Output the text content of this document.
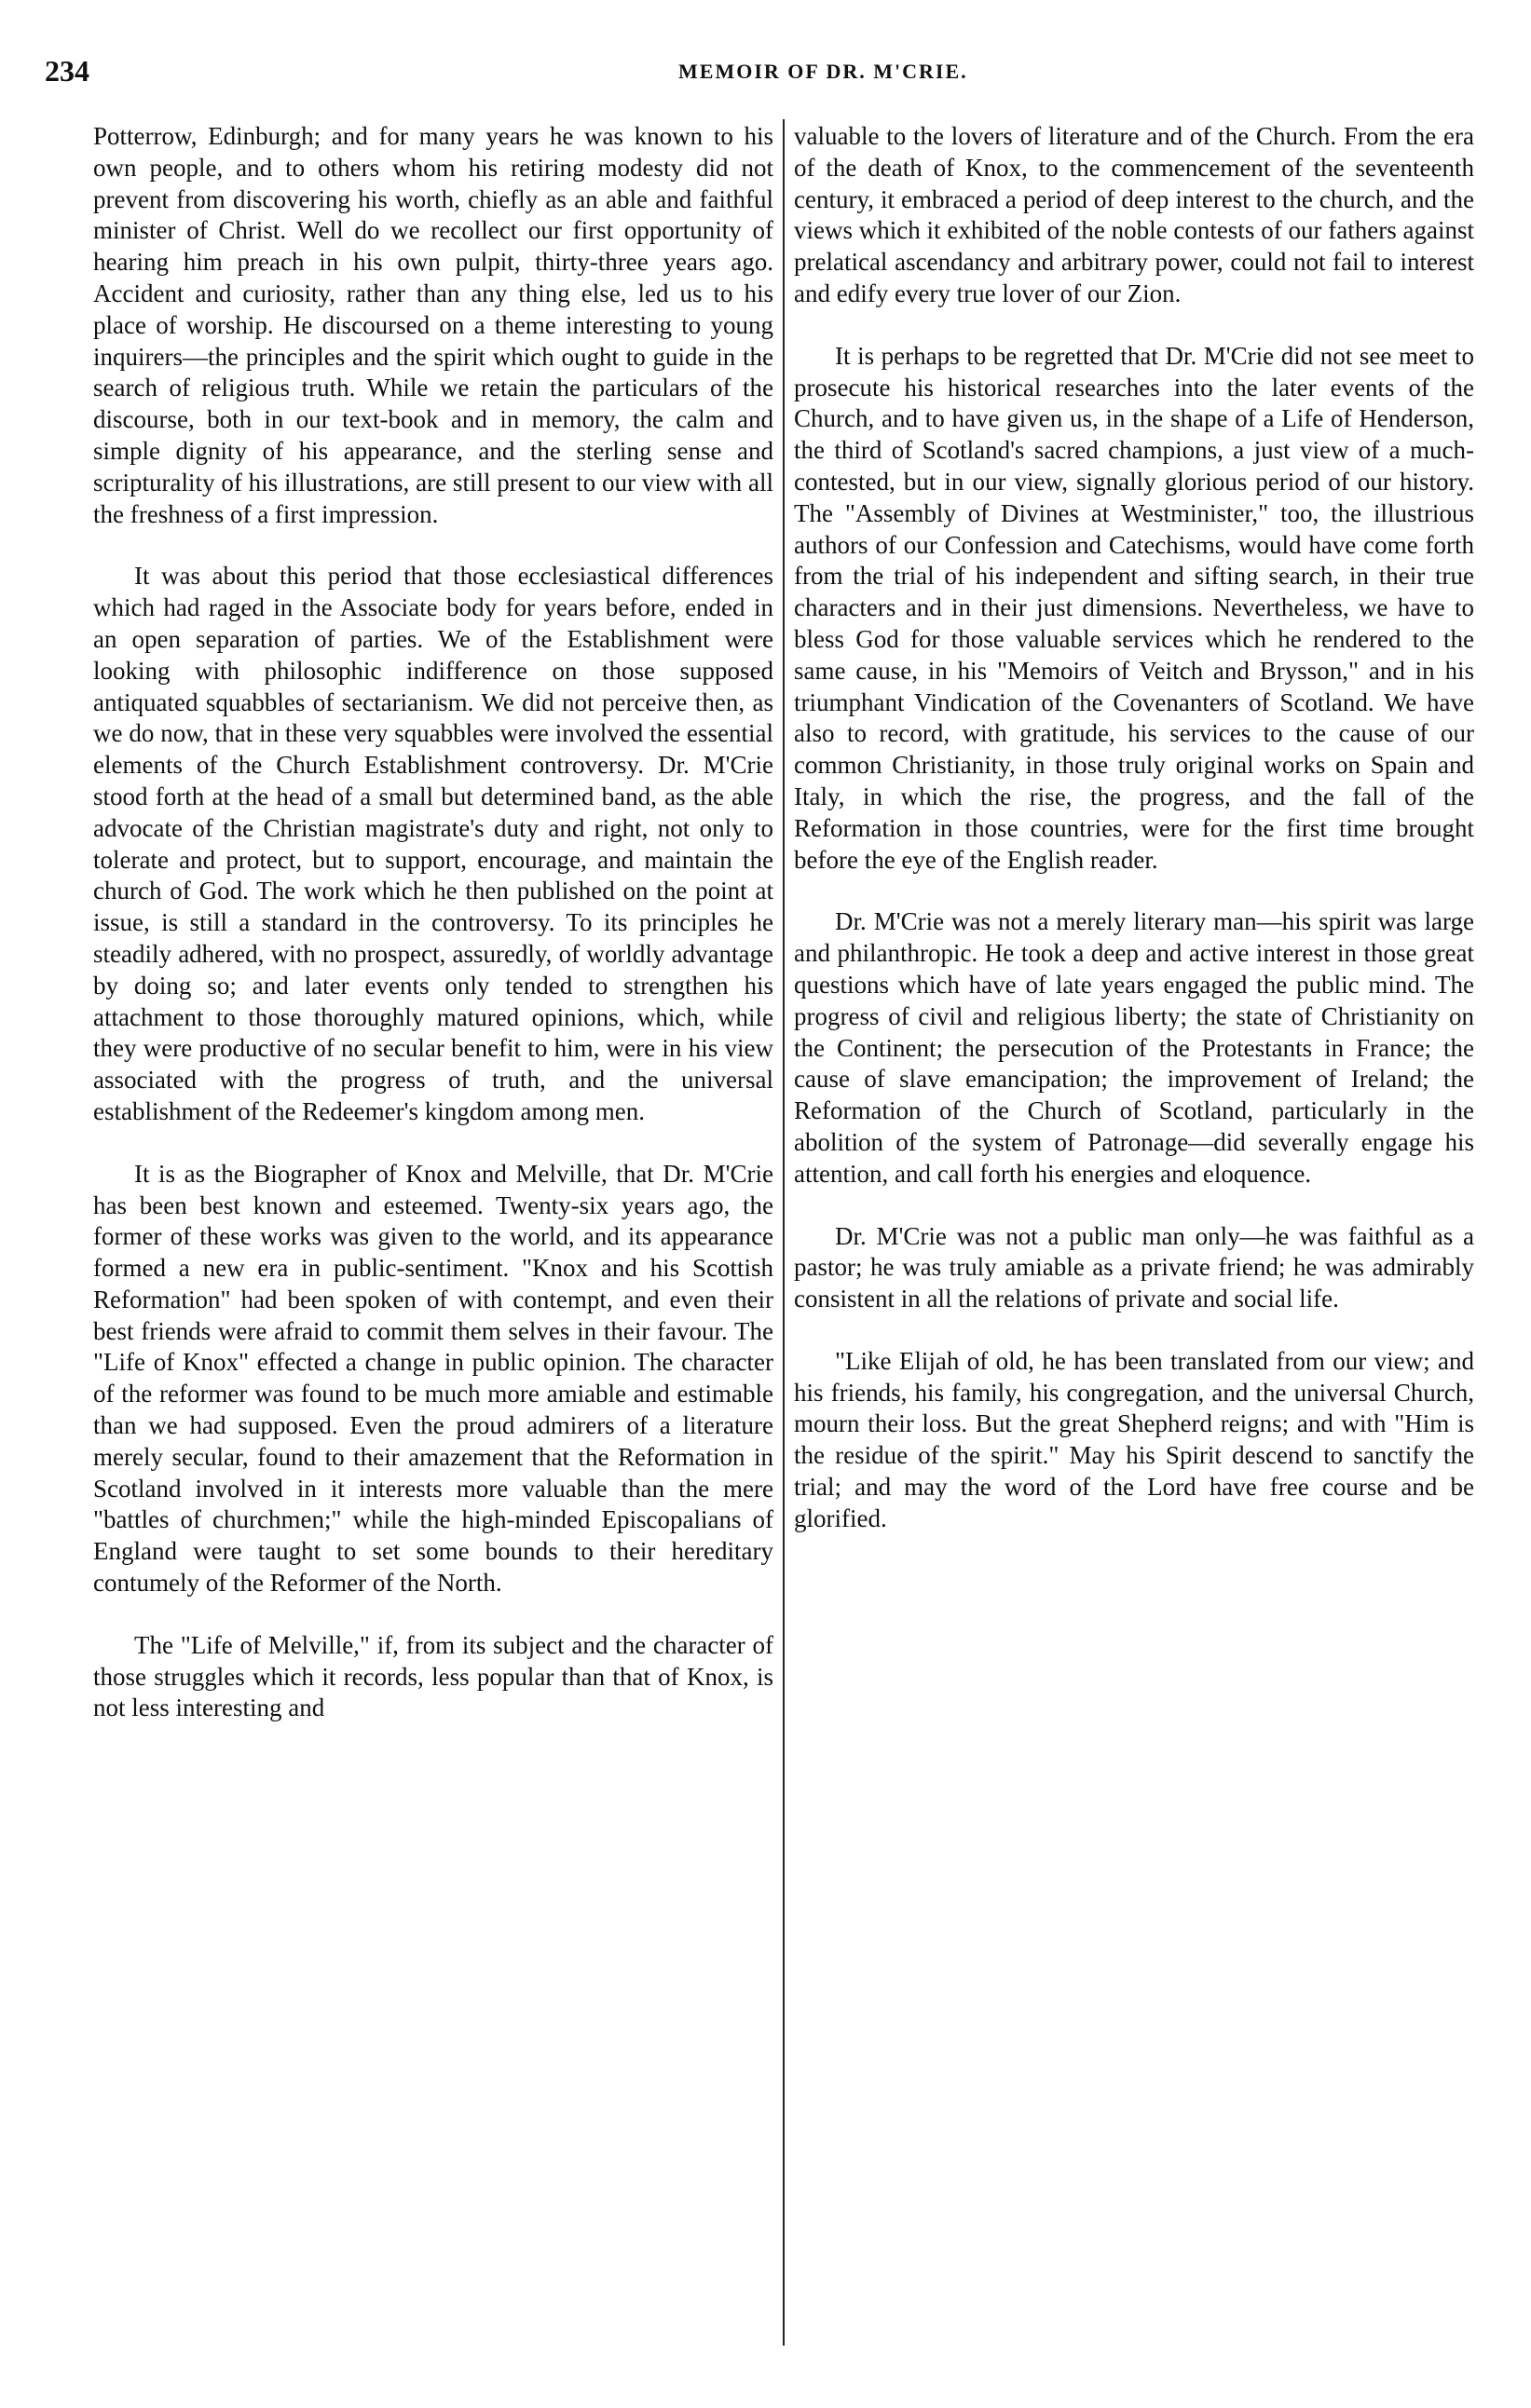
234	MEMOIR OF DR. M'CRIE.

Potterrow, Edinburgh; and for many years he was known to his own people, and to others whom his retiring modesty did not prevent from discovering his worth, chiefly as an able and faithful minister of Christ. Well do we recollect our first opportunity of hearing him preach in his own pulpit, thirty-three years ago. Accident and curiosity, rather than any thing else, led us to his place of worship. He discoursed on a theme interesting to young inquirers—the principles and the spirit which ought to guide in the search of religious truth. While we retain the particulars of the discourse, both in our text-book and in memory, the calm and simple dignity of his appearance, and the sterling sense and scripturality of his illustrations, are still present to our view with all the freshness of a first impression.

It was about this period that those ecclesiastical differences which had raged in the Associate body for years before, ended in an open separation of parties. We of the Establishment were looking with philosophic indifference on those supposed antiquated squabbles of sectarianism. We did not perceive then, as we do now, that in these very squabbles were involved the essential elements of the Church Establishment controversy. Dr. M'Crie stood forth at the head of a small but determined band, as the able advocate of the Christian magistrate's duty and right, not only to tolerate and protect, but to support, encourage, and maintain the church of God. The work which he then published on the point at issue, is still a standard in the controversy. To its principles he steadily adhered, with no prospect, assuredly, of worldly advantage by doing so; and later events only tended to strengthen his attachment to those thoroughly matured opinions, which, while they were productive of no secular benefit to him, were in his view associated with the progress of truth, and the universal establishment of the Redeemer's kingdom among men.

It is as the Biographer of Knox and Melville, that Dr. M'Crie has been best known and esteemed. Twenty-six years ago, the former of these works was given to the world, and its appearance formed a new era in public-sentiment. "Knox and his Scottish Reformation" had been spoken of with contempt, and even their best friends were afraid to commit them selves in their favour. The "Life of Knox" effected a change in public opinion. The character of the reformer was found to be much more amiable and estimable than we had supposed. Even the proud admirers of a literature merely secular, found to their amazement that the Reformation in Scotland involved in it interests more valuable than the mere "battles of churchmen;" while the high-minded Episcopalians of England were taught to set some bounds to their hereditary contumely of the Reformer of the North.

The "Life of Melville," if, from its subject and the character of those struggles which it records, less popular than that of Knox, is not less interesting and

valuable to the lovers of literature and of the Church. From the era of the death of Knox, to the commencement of the seventeenth century, it embraced a period of deep interest to the church, and the views which it exhibited of the noble contests of our fathers against prelatical ascendancy and arbitrary power, could not fail to interest and edify every true lover of our Zion.

It is perhaps to be regretted that Dr. M'Crie did not see meet to prosecute his historical researches into the later events of the Church, and to have given us, in the shape of a Life of Henderson, the third of Scotland's sacred champions, a just view of a much-contested, but in our view, signally glorious period of our history. The "Assembly of Divines at Westminister," too, the illustrious authors of our Confession and Catechisms, would have come forth from the trial of his independent and sifting search, in their true characters and in their just dimensions. Nevertheless, we have to bless God for those valuable services which he rendered to the same cause, in his "Memoirs of Veitch and Brysson," and in his triumphant Vindication of the Covenanters of Scotland. We have also to record, with gratitude, his services to the cause of our common Christianity, in those truly original works on Spain and Italy, in which the rise, the progress, and the fall of the Reformation in those countries, were for the first time brought before the eye of the English reader.

Dr. M'Crie was not a merely literary man—his spirit was large and philanthropic. He took a deep and active interest in those great questions which have of late years engaged the public mind. The progress of civil and religious liberty; the state of Christianity on the Continent; the persecution of the Protestants in France; the cause of slave emancipation; the improvement of Ireland; the Reformation of the Church of Scotland, particularly in the abolition of the system of Patronage—did severally engage his attention, and call forth his energies and eloquence.

Dr. M'Crie was not a public man only—he was faithful as a pastor; he was truly amiable as a private friend; he was admirably consistent in all the relations of private and social life.

"Like Elijah of old, he has been translated from our view; and his friends, his family, his congregation, and the universal Church, mourn their loss. But the great Shepherd reigns; and with "Him is the residue of the spirit." May his Spirit descend to sanctify the trial; and may the word of the Lord have free course and be glorified.
